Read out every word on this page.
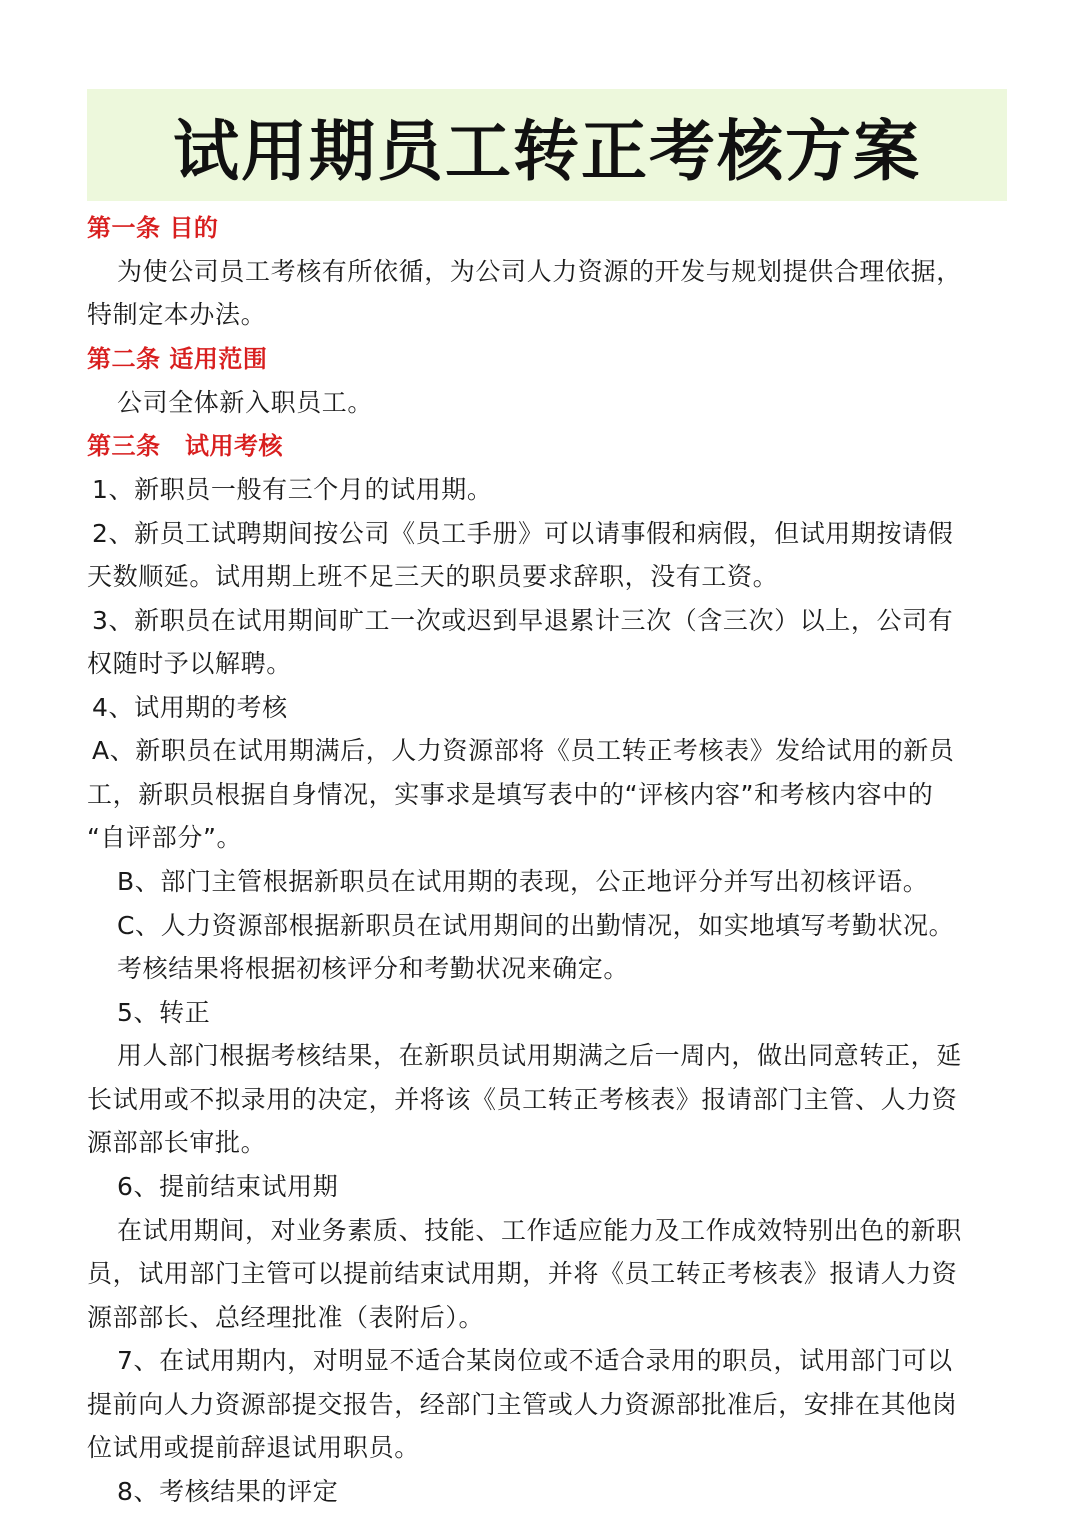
试用期员工转正考核方案
第一条 目的
为使公司员工考核有所依循，为公司人力资源的开发与规划提供合理依据，
特制定本办法。
第二条 适用范围
公司全体新入职员工。
第三条　试用考核
1、新职员一般有三个月的试用期。
2、新员工试聘期间按公司《员工手册》可以请事假和病假，但试用期按请假
天数顺延。试用期上班不足三天的职员要求辞职，没有工资。
3、新职员在试用期间旷工一次或迟到早退累计三次（含三次）以上，公司有
权随时予以解聘。
4、试用期的考核
A、新职员在试用期满后，人力资源部将《员工转正考核表》发给试用的新员
工，新职员根据自身情况，实事求是填写表中的“评核内容”和考核内容中的
“自评部分”。
B、部门主管根据新职员在试用期的表现，公正地评分并写出初核评语。
C、人力资源部根据新职员在试用期间的出勤情况，如实地填写考勤状况。
考核结果将根据初核评分和考勤状况来确定。
5、转正
用人部门根据考核结果，在新职员试用期满之后一周内，做出同意转正，延
长试用或不拟录用的决定，并将该《员工转正考核表》报请部门主管、人力资
源部部长审批。
6、提前结束试用期
在试用期间，对业务素质、技能、工作适应能力及工作成效特别出色的新职
员，试用部门主管可以提前结束试用期，并将《员工转正考核表》报请人力资
源部部长、总经理批准（表附后）。
7、在试用期内，对明显不适合某岗位或不适合录用的职员，试用部门可以
提前向人力资源部提交报告，经部门主管或人力资源部批准后，安排在其他岗
位试用或提前辞退试用职员。
8、考核结果的评定
